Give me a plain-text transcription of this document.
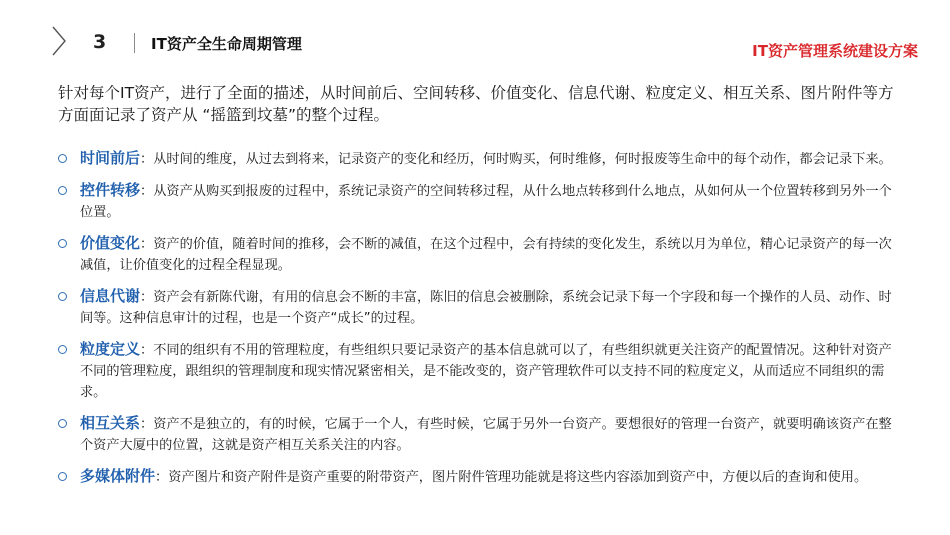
3	IT资产全生命周期管理	IT资产管理系统建设方案
针对每个IT资产，进行了全面的描述，从时间前后、空间转移、价值变化、信息代谢、粒度定义、相互关系、图片附件等方方面面记录了资产从 “摇篮到坟墓”的整个过程。
时间前后：从时间的维度，从过去到将来，记录资产的变化和经历，何时购买，何时维修，何时报废等生命中的每个动作，都会记录下来。
控件转移：从资产从购买到报废的过程中，系统记录资产的空间转移过程，从什么地点转移到什么地点，从如何从一个位置转移到另外一个位置。
价值变化：资产的价值，随着时间的推移，会不断的减值，在这个过程中，会有持续的变化发生，系统以月为单位，精心记录资产的每一次减值，让价值变化的过程全程显现。
信息代谢：资产会有新陈代谢，有用的信息会不断的丰富，陈旧的信息会被删除，系统会记录下每一个字段和每一个操作的人员、动作、时间等。这种信息审计的过程，也是一个资产“成长”的过程。
粒度定义：不同的组织有不用的管理粒度，有些组织只要记录资产的基本信息就可以了，有些组织就更关注资产的配置情况。这种针对资产不同的管理粒度，跟组织的管理制度和现实情况紧密相关，是不能改变的，资产管理软件可以支持不同的粒度定义，从而适应不同组织的需求。
相互关系：资产不是独立的，有的时候，它属于一个人，有些时候，它属于另外一台资产。要想很好的管理一台资产，就要明确该资产在整个资产大厦中的位置，这就是资产相互关系关注的内容。
多媒体附件：资产图片和资产附件是资产重要的附带资产，图片附件管理功能就是将这些内容添加到资产中，方便以后的查询和使用。
